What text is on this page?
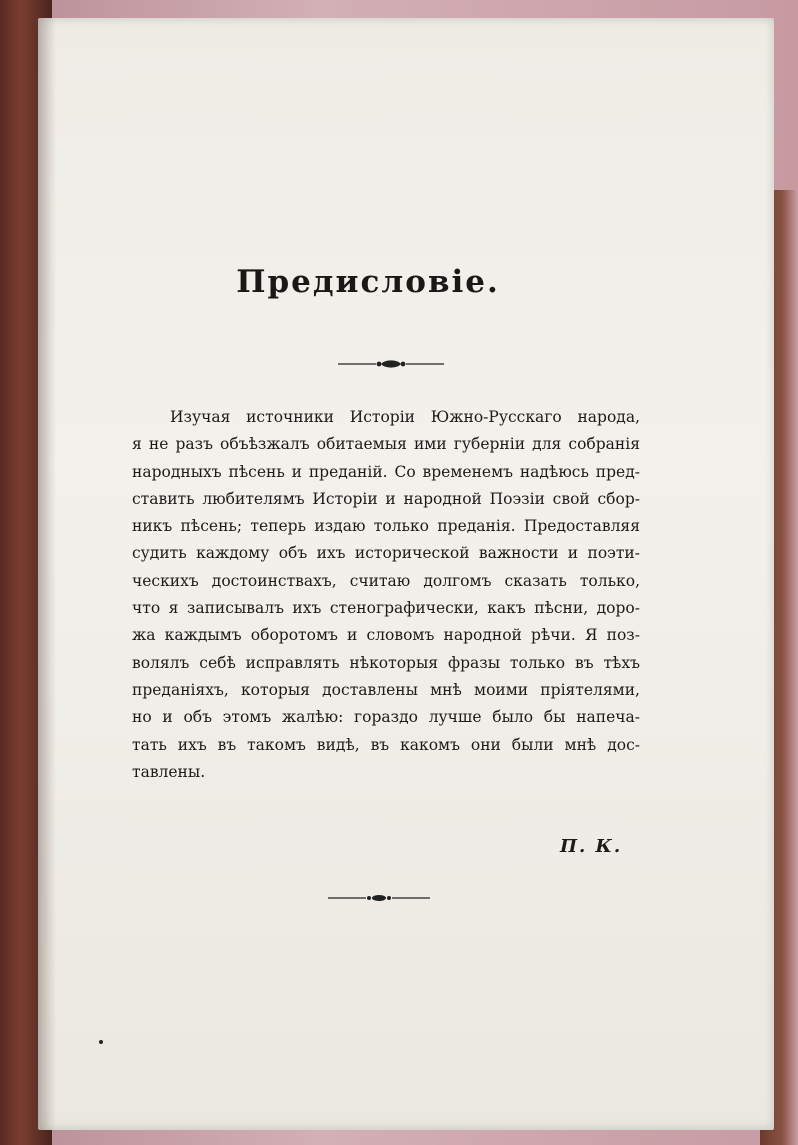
Предисловіе.
Изучая источники Исторіи Южно-Русскаго народа,
я не разъ объѣзжалъ обитаемыя ими губерніи для собранія
народныхъ пѣсень и преданій. Со временемъ надѣюсь пред-
ставить любителямъ Исторіи и народной Поэзіи свой сбор-
никъ пѣсень; теперь издаю только преданія. Предоставляя
судить каждому объ ихъ исторической важности и поэти-
ческихъ достоинствахъ, считаю долгомъ сказать только,
что я записывалъ ихъ стенографически, какъ пѣсни, доро-
жа каждымъ оборотомъ и словомъ народной рѣчи. Я поз-
волялъ себѣ исправлять нѣкоторыя фразы только въ тѣхъ
преданіяхъ, которыя доставлены мнѣ моими пріятелями,
но и объ этомъ жалѣю: гораздо лучше было бы напеча-
тать ихъ въ такомъ видѣ, въ какомъ они были мнѣ дос-
тавлены.
П. К.
